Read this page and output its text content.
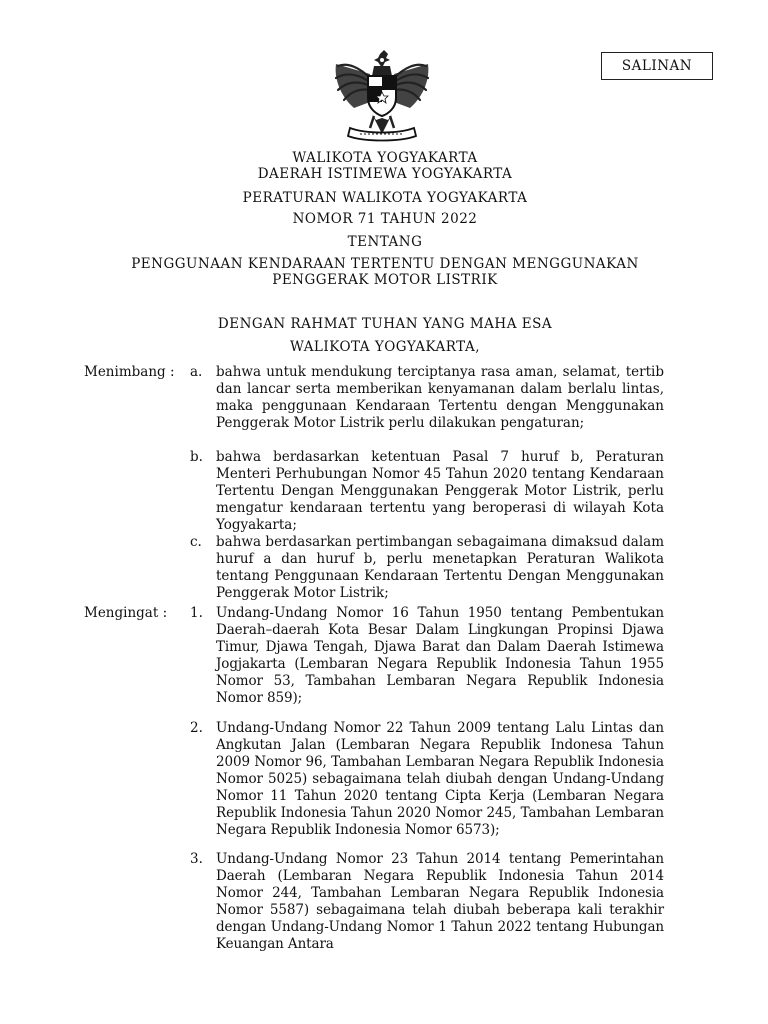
SALINAN
WALIKOTA YOGYAKARTA
DAERAH ISTIMEWA YOGYAKARTA
PERATURAN WALIKOTA YOGYAKARTA
NOMOR 71 TAHUN 2022
TENTANG
PENGGUNAAN KENDARAAN TERTENTU DENGAN MENGGUNAKAN
PENGGERAK MOTOR LISTRIK
DENGAN RAHMAT TUHAN YANG MAHA ESA
WALIKOTA YOGYAKARTA,
Menimbang : a.	bahwa untuk mendukung terciptanya rasa aman, selamat, tertib dan lancar serta memberikan kenyamanan dalam berlalu lintas, maka penggunaan Kendaraan Tertentu dengan Menggunakan Penggerak Motor Listrik perlu dilakukan pengaturan;
b. bahwa berdasarkan ketentuan Pasal 7 huruf b, Peraturan Menteri Perhubungan Nomor 45 Tahun 2020 tentang Kendaraan Tertentu Dengan Menggunakan Penggerak Motor Listrik, perlu mengatur kendaraan tertentu yang beroperasi di wilayah Kota Yogyakarta;
c.	bahwa berdasarkan pertimbangan sebagaimana dimaksud dalam huruf a dan huruf b, perlu menetapkan Peraturan Walikota tentang Penggunaan Kendaraan Tertentu Dengan Menggunakan Penggerak Motor Listrik;
Mengingat : 1. Undang-Undang Nomor 16 Tahun 1950 tentang Pembentukan Daerah–daerah Kota Besar Dalam Lingkungan Propinsi Djawa Timur, Djawa Tengah, Djawa Barat dan Dalam Daerah Istimewa Jogjakarta (Lembaran Negara Republik Indonesia Tahun 1955 Nomor 53, Tambahan Lembaran Negara Republik Indonesia Nomor 859);
2. Undang-Undang Nomor 22 Tahun 2009 tentang Lalu Lintas dan Angkutan Jalan (Lembaran Negara Republik Indonesa Tahun 2009 Nomor 96, Tambahan Lembaran Negara Republik Indonesia Nomor 5025) sebagaimana telah diubah dengan Undang-Undang Nomor 11 Tahun 2020 tentang Cipta Kerja (Lembaran Negara Republik Indonesia Tahun 2020 Nomor 245, Tambahan Lembaran Negara Republik Indonesia Nomor 6573);
3. Undang-Undang Nomor 23 Tahun 2014 tentang Pemerintahan Daerah (Lembaran Negara Republik Indonesia Tahun 2014 Nomor 244, Tambahan Lembaran Negara Republik Indonesia Nomor 5587) sebagaimana telah diubah beberapa kali terakhir dengan Undang-Undang Nomor 1 Tahun 2022 tentang Hubungan Keuangan Antara
